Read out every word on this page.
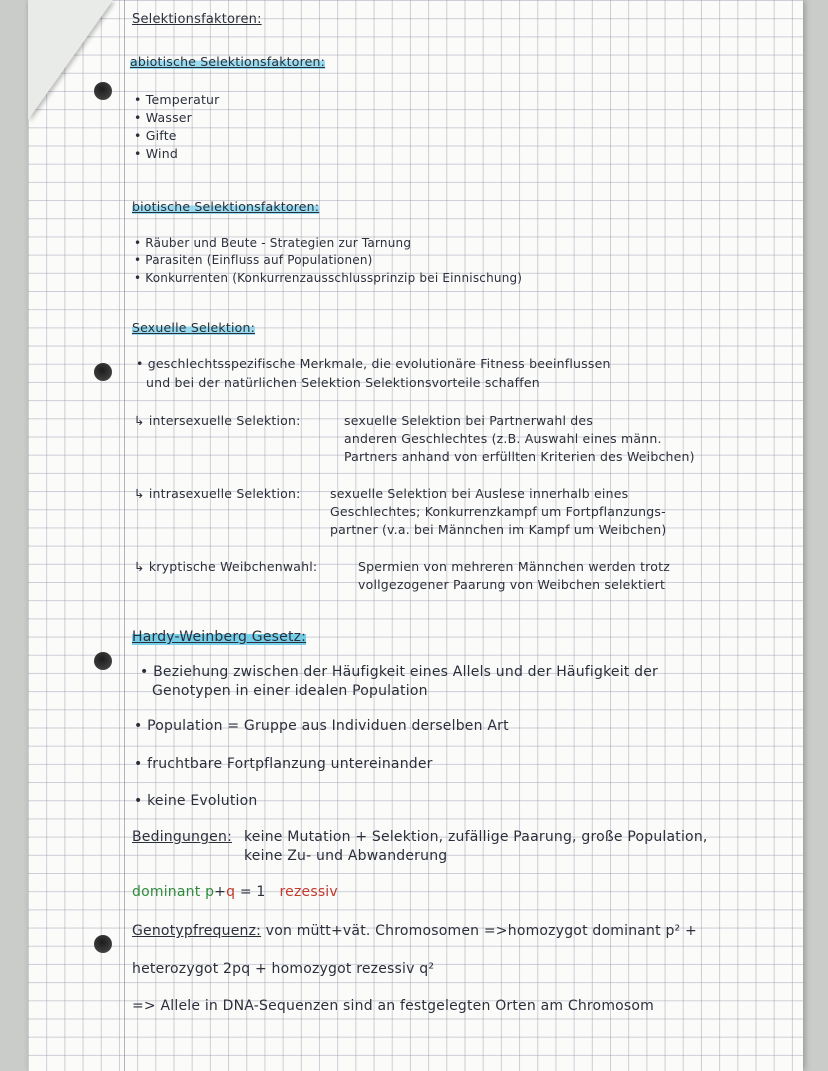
Selektionsfaktoren:
abiotische Selektionsfaktoren:
• Temperatur
• Wasser
• Gifte
• Wind
biotische Selektionsfaktoren:
• Räuber und Beute - Strategien zur Tarnung
• Parasiten (Einfluss auf Populationen)
• Konkurrenten (Konkurrenzausschlussprinzip bei Einnischung)
Sexuelle Selektion:
• geschlechtsspezifische Merkmale, die evolutionäre Fitness beeinflussen
und bei der natürlichen Selektion Selektionsvorteile schaffen
↳ intersexuelle Selektion:	sexuelle Selektion bei Partnerwahl des
anderen Geschlechtes (z.B. Auswahl eines männ.
Partners anhand von erfüllten Kriterien des Weibchen)
↳ intrasexuelle Selektion: sexuelle Selektion bei Auslese innerhalb eines
Geschlechtes; Konkurrenzkampf um Fortpflanzungs-
partner (v.a. bei Männchen im Kampf um Weibchen)
↳ kryptische Weibchenwahl:	Spermien von mehreren Männchen werden trotz
vollgezogener Paarung von Weibchen selektiert
Hardy-Weinberg Gesetz:
• Beziehung zwischen der Häufigkeit eines Allels und der Häufigkeit der
Genotypen in einer idealen Population
• Population = Gruppe aus Individuen derselben Art
• fruchtbare Fortpflanzung untereinander
• keine Evolution
Bedingungen: keine Mutation + Selektion, zufällige Paarung, große Population,
keine Zu- und Abwanderung
dominant p+q = 1 rezessiv
Genotypfrequenz: von mütt+vät. Chromosomen =>homozygot dominant p² +
heterozygot 2pq + homozygot rezessiv q²
=> Allele in DNA-Sequenzen sind an festgelegten Orten am Chromosom
